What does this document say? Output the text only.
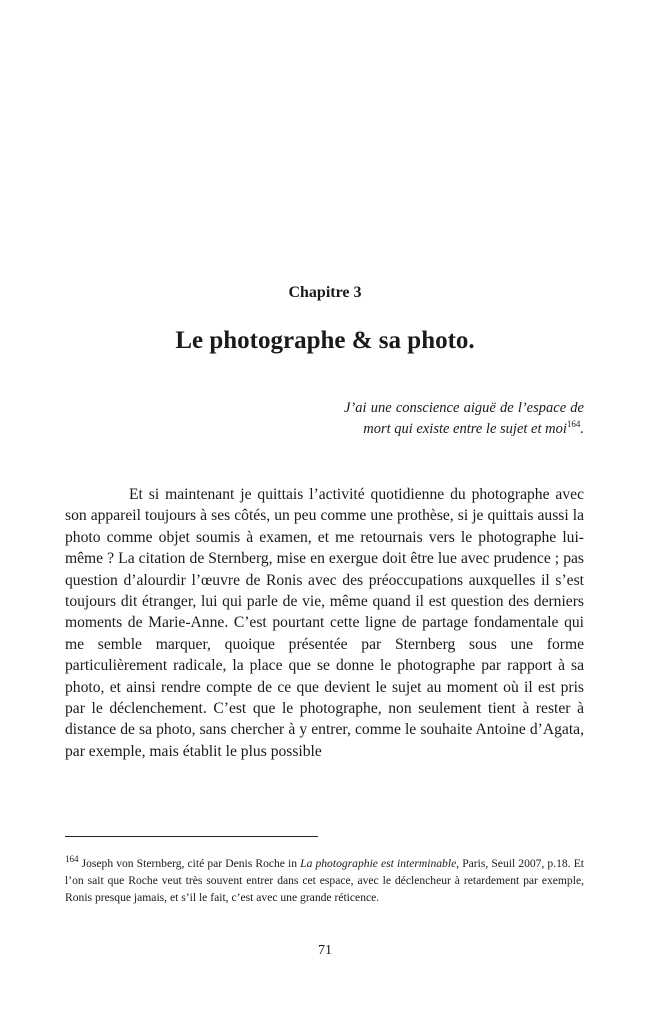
Chapitre 3
Le photographe & sa photo.
J’ai une conscience aiguë de l’espace de mort qui existe entre le sujet et moi$^{164}$.

Et si maintenant je quittais l’activité quotidienne du photographe avec son appareil toujours à ses côtés, un peu comme une prothèse, si je quittais aussi la photo comme objet soumis à examen, et me retournais vers le photographe lui-même ? La citation de Sternberg, mise en exergue doit être lue avec prudence ; pas question d’alourdir l’œuvre de Ronis avec des préoccupations auxquelles il s’est toujours dit étranger, lui qui parle de vie, même quand il est question des derniers moments de Marie-Anne. C’est pourtant cette ligne de partage fondamentale qui me semble marquer, quoique présentée par Sternberg sous une forme particulièrement radicale, la place que se donne le photographe par rapport à sa photo, et ainsi rendre compte de ce que devient le sujet au moment où il est pris par le déclenchement. C’est que le photographe, non seulement tient à rester à distance de sa photo, sans chercher à y entrer, comme le souhaite Antoine d’Agata, par exemple, mais établit le plus possible

$^{164}$ Joseph von Sternberg, cité par Denis Roche in La photographie est interminable, Paris, Seuil 2007, p.18. Et l’on sait que Roche veut très souvent entrer dans cet espace, avec le déclencheur à retardement par exemple, Ronis presque jamais, et s’il le fait, c’est avec une grande réticence.

71
